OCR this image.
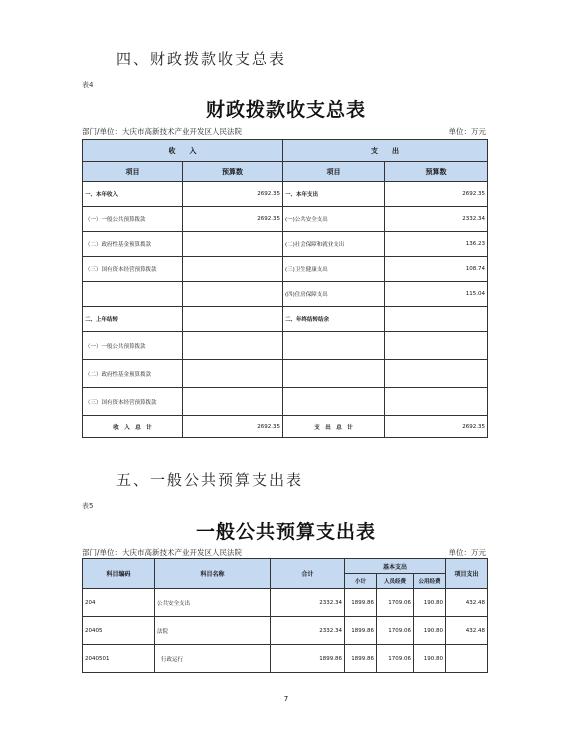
四、财政拨款收支总表
表4
财政拨款收支总表
部门/单位：大庆市高新技术产业开发区人民法院	单位：万元
收　　入		支　　出	
项目	预算数	项目	预算数
一、本年收入	2692.35	一、本年支出	2692.35
（一）一般公共预算拨款	2692.35	(一)公共安全支出	2332.34
（二）政府性基金预算拨款		(二)社会保障和就业支出	136.23
（三）国有资本经营预算拨款		(三)卫生健康支出	108.74
		(四)住房保障支出	115.04
二、上年结转		二、年终结转结余	
（一）一般公共预算拨款			
（二）政府性基金预算拨款			
（三）国有资本经营预算拨款			
收　入　总　计	2692.35	支　出　总　计	2692.35
五、一般公共预算支出表
表5
一般公共预算支出表
部门/单位：大庆市高新技术产业开发区人民法院	单位：万元
科目编码	科目名称	合计	基本支出			项目支出
			小计	人员经费	公用经费	
204	公共安全支出	2332.34	1899.86	1709.06	190.80	432.48
20405	法院	2332.34	1899.86	1709.06	190.80	432.48
2040501	行政运行	1899.86	1899.86	1709.06	190.80	
7
